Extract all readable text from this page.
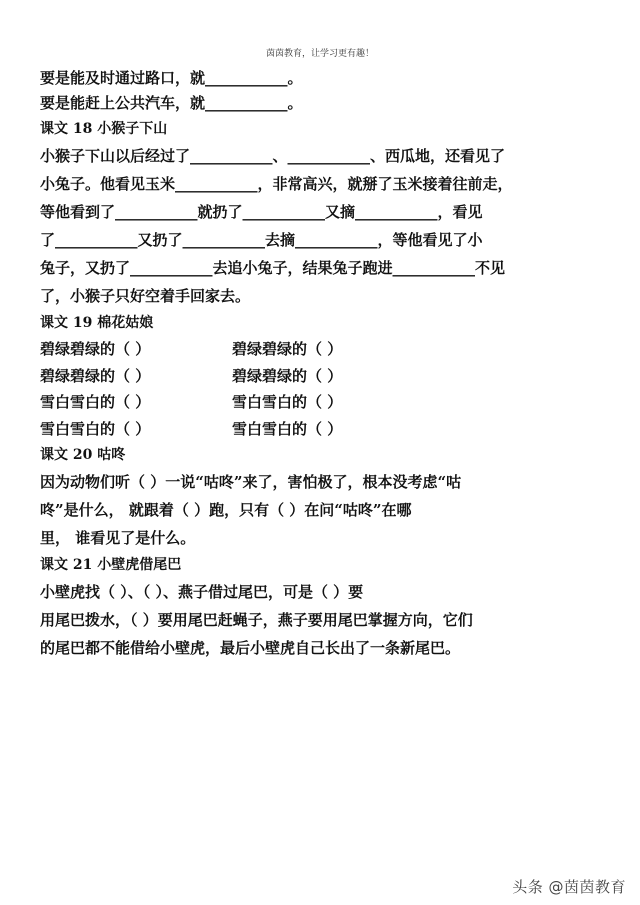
茵茵教育，让学习更有趣！
要是能及时通过路口，就___________。
要是能赶上公共汽车，就___________。
课文 18 小猴子下山

小猴子下山以后经过了___________、___________、西瓜地，还看见了

小兔子。他看见玉米___________，非常高兴，就掰了玉米接着往前走，

等他看到了___________就扔了___________又摘___________，看见

了___________又扔了___________去摘___________，等他看见了小

兔子，又扔了___________去追小兔子，结果兔子跑进___________不见

了，小猴子只好空着手回家去。

课文 19 棉花姑娘
碧绿碧绿的（ ）	碧绿碧绿的（ ）
碧绿碧绿的（ ）	碧绿碧绿的（ ）
雪白雪白的（ ）	雪白雪白的（ ）
雪白雪白的（ ）	雪白雪白的（ ）
课文 20 咕咚

因为动物们听（ ）一说“咕咚”来了，害怕极了，根本没考虑“咕

咚”是什么， 就跟着（ ）跑，只有（ ）在问“咕咚”在哪

里， 谁看见了是什么。

课文 21 小壁虎借尾巴

小壁虎找（ ）、（ ）、燕子借过尾巴，可是（ ）要

用尾巴拨水，（ ）要用尾巴赶蝇子，燕子要用尾巴掌握方向，它们

的尾巴都不能借给小壁虎，最后小壁虎自己长出了一条新尾巴。

头条 @茵茵教育
